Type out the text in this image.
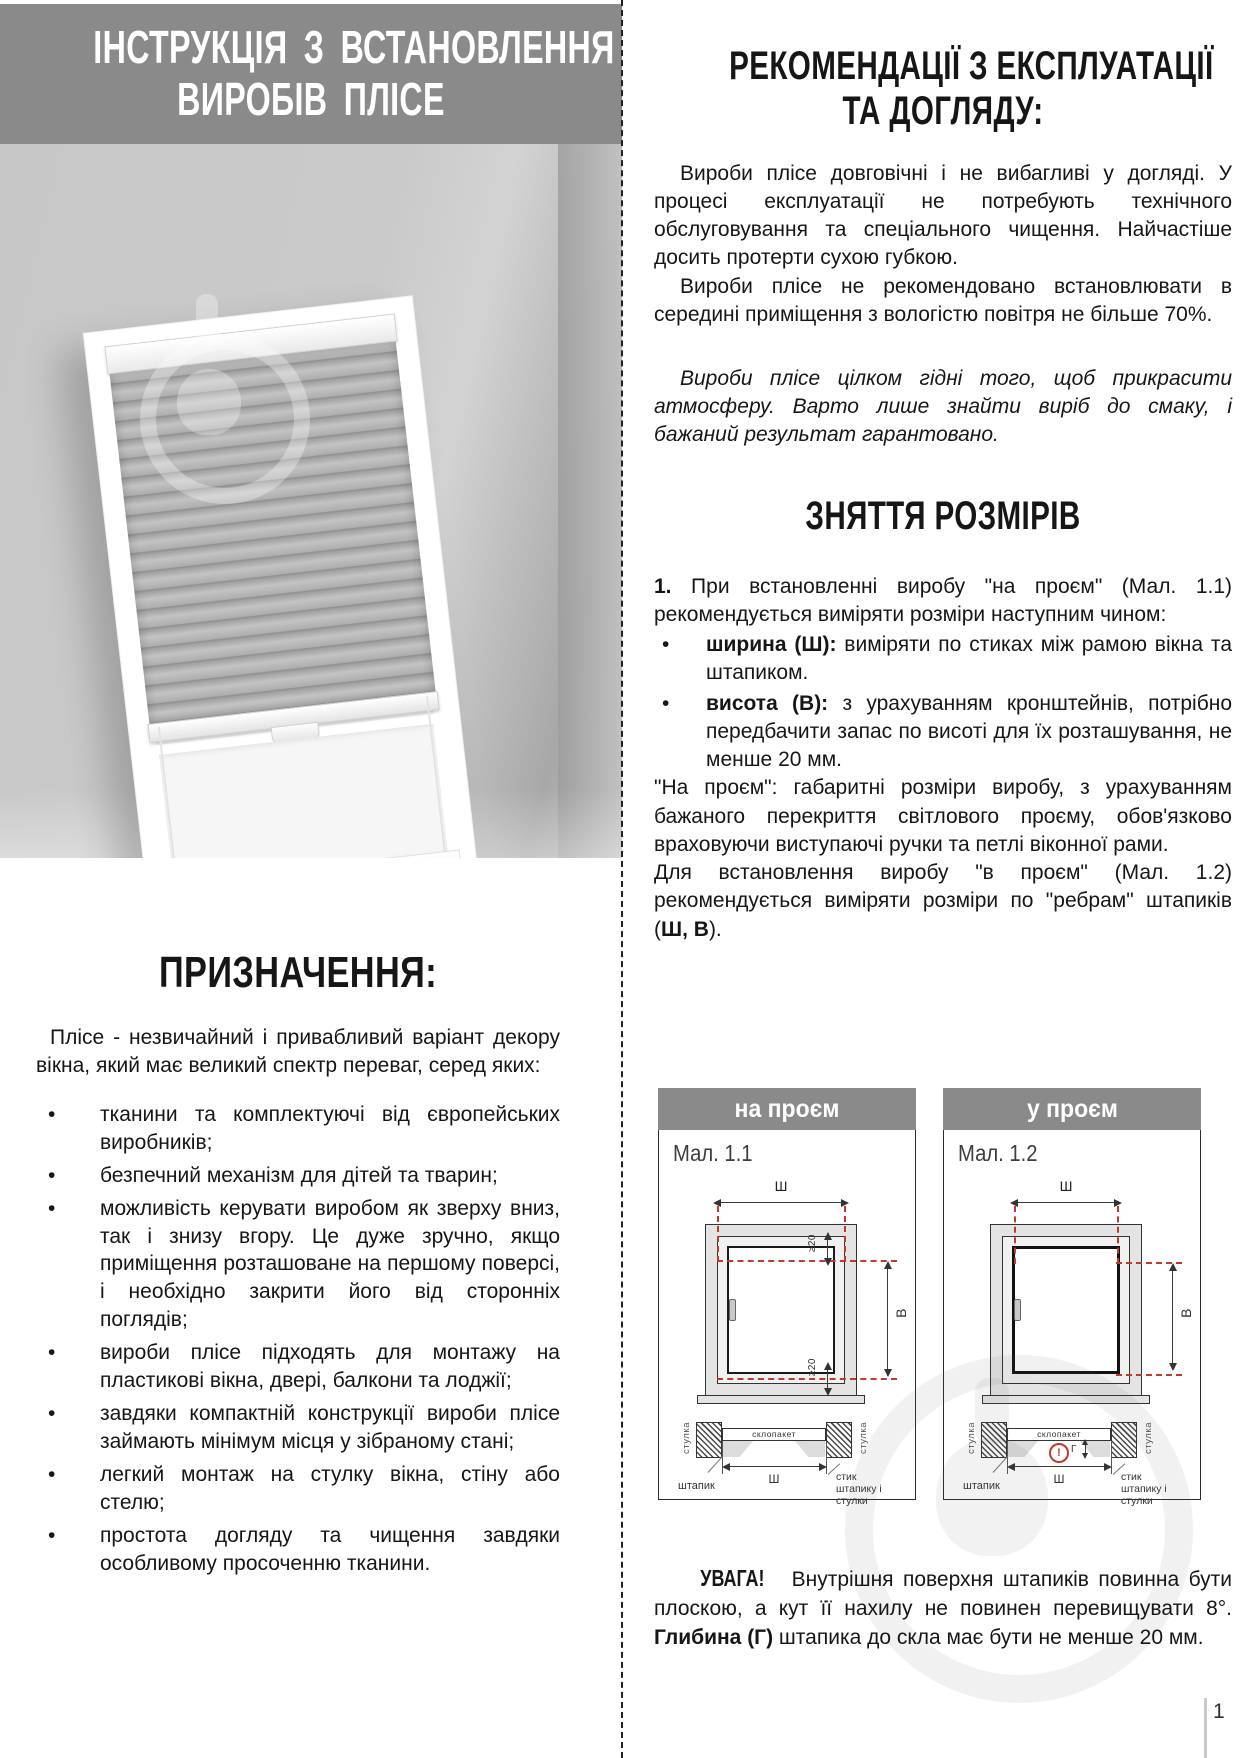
ІНСТРУКЦІЯ З ВСТАНОВЛЕННЯ
ВИРОБІВ ПЛІСЕ
ПРИЗНАЧЕННЯ:

Плісе - незвичайний і привабливий варіант декору вікна, який має великий спектр переваг, серед яких:

•	тканини та комплектуючі від європейських виробників;
•	безпечний механізм для дітей та тварин;
•	можливість керувати виробом як зверху вниз, так і знизу вгору. Це дуже зручно, якщо приміщення розташоване на першому поверсі, і необхідно закрити його від сторонніх поглядів;
•	вироби плісе підходять для монтажу на пластикові вікна, двері, балкони та лоджії;
•	завдяки компактній конструкції вироби плісе займають мінімум місця у зібраному стані;
•	легкий монтаж на стулку вікна, стіну або стелю;
•	простота догляду та чищення завдяки особливому просоченню тканини.
РЕКОМЕНДАЦІЇ З ЕКСПЛУАТАЦІЇ
ТА ДОГЛЯДУ:

Вироби плісе довговічні і не вибагливі у догляді. У процесі експлуатації не потребують технічного обслуговування та спеціального чищення. Найчастіше досить протерти сухою губкою.

Вироби плісе не рекомендовано встановлювати в середині приміщення з вологістю повітря не більше 70%.

Вироби плісе цілком гідні того, щоб прикрасити атмосферу. Варто лише знайти виріб до смаку, і бажаний результат гарантовано.

ЗНЯТТЯ РОЗМІРІВ

1. При встановленні виробу "на проєм" (Мал. 1.1) рекомендується виміряти розміри наступним чином:

•	ширина (Ш): виміряти по стиках між рамою вікна та штапиком.
•	висота (В): з урахуванням кронштейнів, потрібно передбачити запас по висоті для їх розташування, не менше 20 мм.

"На проєм": габаритні розміри виробу, з урахуванням бажаного перекриття світлового проєму, обов'язково враховуючи виступаючі ручки та петлі віконної рами.

Для встановлення виробу "в проєм" (Мал. 1.2) рекомендується виміряти розміри по "ребрам" штапиків (Ш, В).

на проєм
Мал. 1.1
Ш
В
≥20
≥20
склопакет
Ш
стулка	стулка
штапик
стик штапику і стулки
у проєм
Мал. 1.2
Ш
В
склопакет
Ш
стулка	стулка
штапик
стик штапику і стулки
!	Г

УВАГА! Внутрішня поверхня штапиків повинна бути плоскою, а кут її нахилу не повинен перевищувати 8°. Глибина (Г) штапика до скла має бути не менше 20 мм.

1
